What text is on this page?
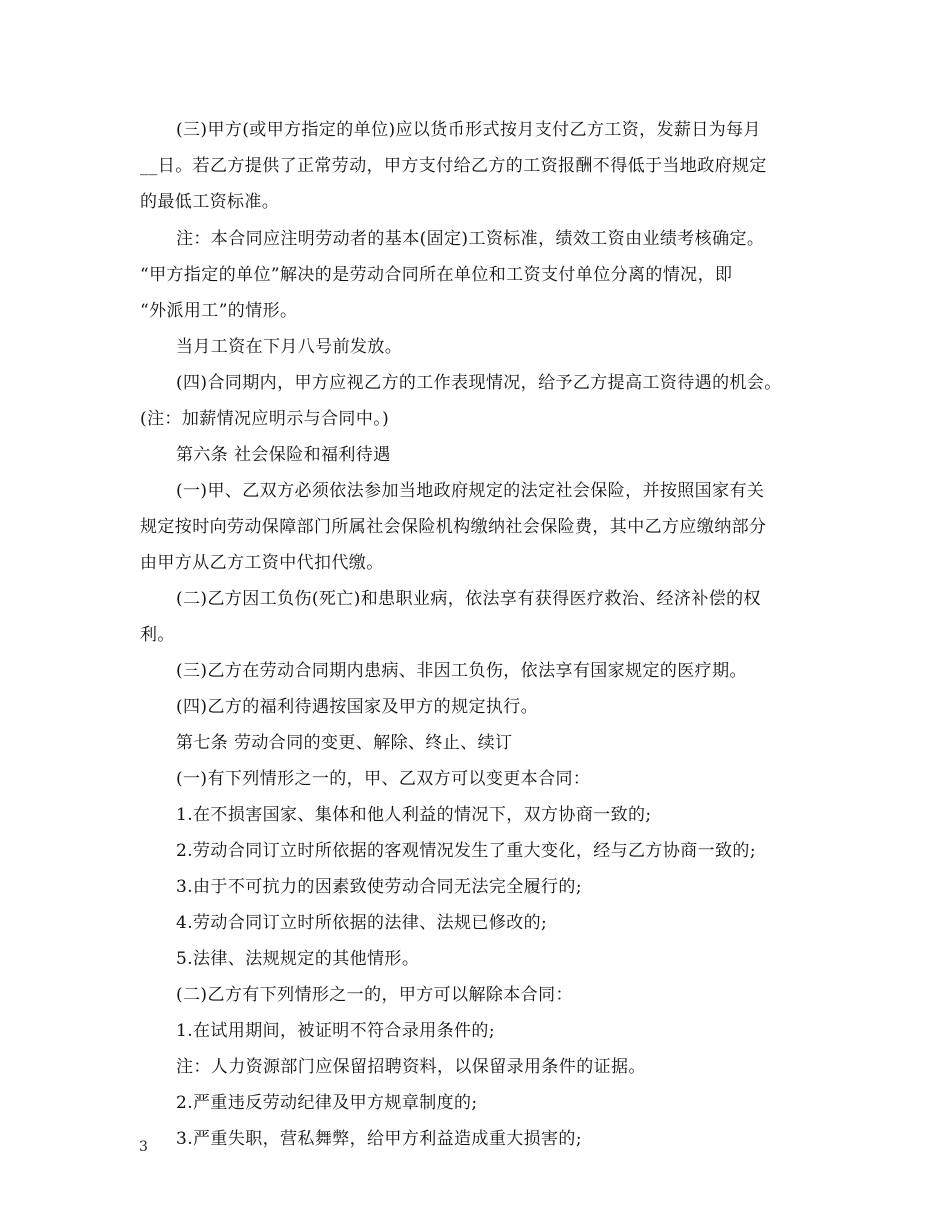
(三)甲方(或甲方指定的单位)应以货币形式按月支付乙方工资，发薪日为每月
__日。若乙方提供了正常劳动，甲方支付给乙方的工资报酬不得低于当地政府规定
的最低工资标准。
注：本合同应注明劳动者的基本(固定)工资标准，绩效工资由业绩考核确定。
“甲方指定的单位”解决的是劳动合同所在单位和工资支付单位分离的情况，即
“外派用工”的情形。
当月工资在下月八号前发放。
(四)合同期内，甲方应视乙方的工作表现情况，给予乙方提高工资待遇的机会。
(注：加薪情况应明示与合同中。)
第六条 社会保险和福利待遇
(一)甲、乙双方必须依法参加当地政府规定的法定社会保险，并按照国家有关
规定按时向劳动保障部门所属社会保险机构缴纳社会保险费，其中乙方应缴纳部分
由甲方从乙方工资中代扣代缴。
(二)乙方因工负伤(死亡)和患职业病，依法享有获得医疗救治、经济补偿的权
利。
(三)乙方在劳动合同期内患病、非因工负伤，依法享有国家规定的医疗期。
(四)乙方的福利待遇按国家及甲方的规定执行。
第七条 劳动合同的变更、解除、终止、续订
(一)有下列情形之一的，甲、乙双方可以变更本合同：
1.在不损害国家、集体和他人利益的情况下，双方协商一致的;
2.劳动合同订立时所依据的客观情况发生了重大变化，经与乙方协商一致的;
3.由于不可抗力的因素致使劳动合同无法完全履行的;
4.劳动合同订立时所依据的法律、法规已修改的;
5.法律、法规规定的其他情形。
(二)乙方有下列情形之一的，甲方可以解除本合同：
1.在试用期间，被证明不符合录用条件的;
注：人力资源部门应保留招聘资料，以保留录用条件的证据。
2.严重违反劳动纪律及甲方规章制度的;
3.严重失职，营私舞弊，给甲方利益造成重大损害的;
3
